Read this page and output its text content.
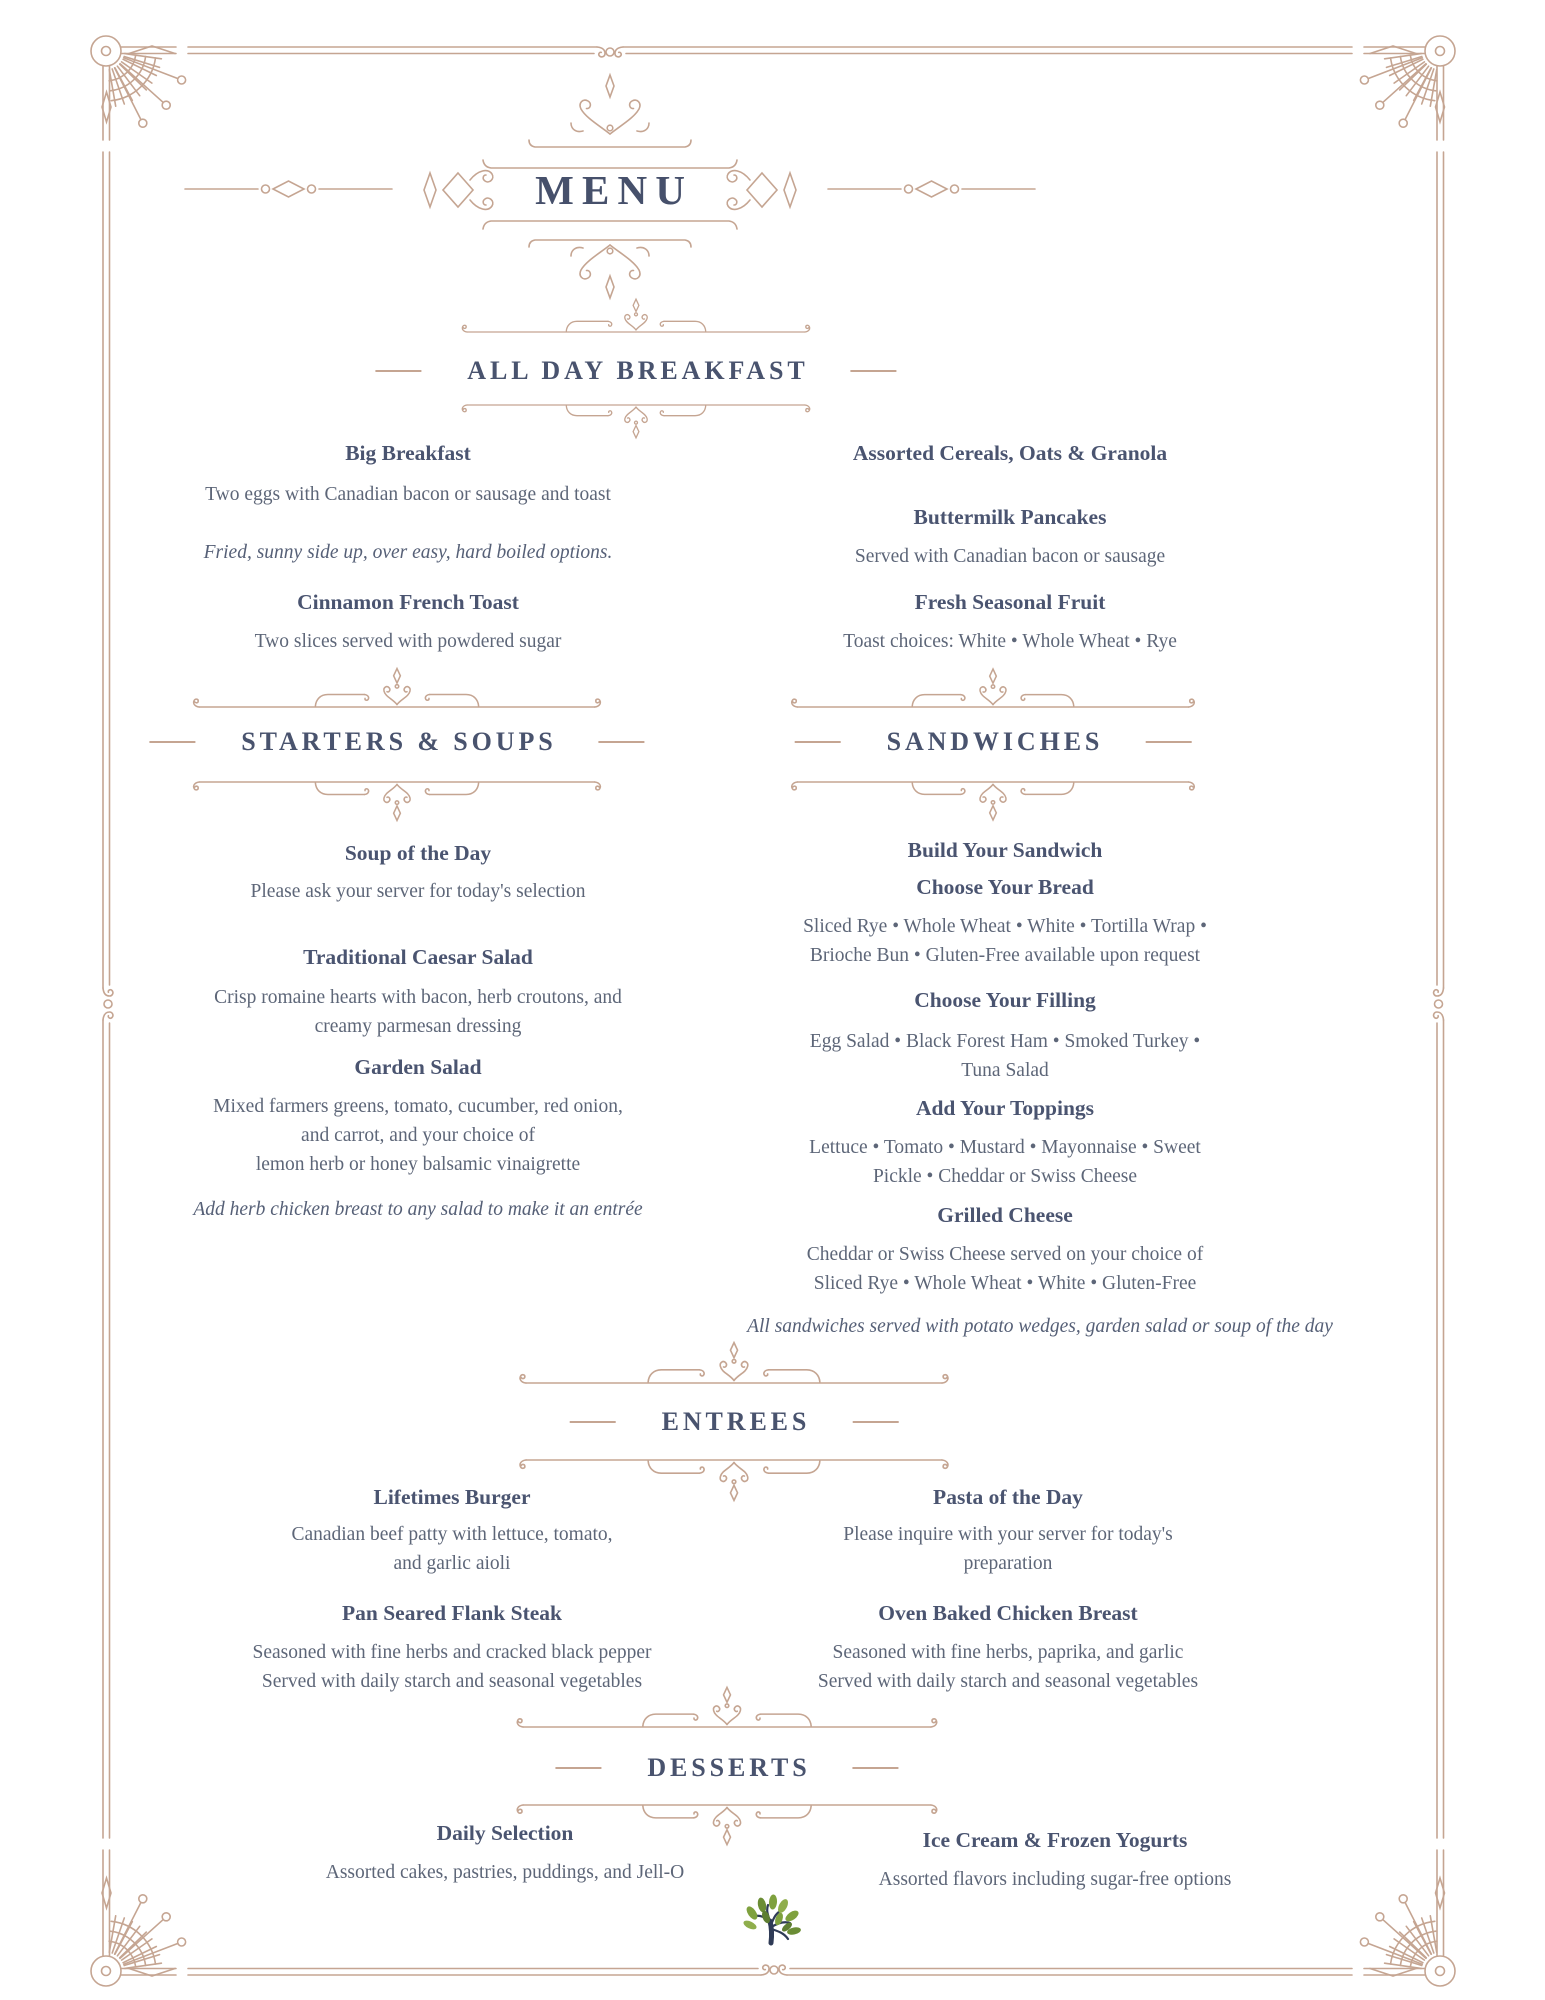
MENU
ALL DAY BREAKFAST
STARTERS & SOUPS	SANDWICHES
ENTREES
DESSERTS
Big Breakfast
Two eggs with Canadian bacon or sausage and toast
Fried, sunny side up, over easy, hard boiled options.
Cinnamon French Toast
Two slices served with powdered sugar
Assorted Cereals, Oats & Granola
Buttermilk Pancakes
Served with Canadian bacon or sausage
Fresh Seasonal Fruit
Toast choices: White • Whole Wheat • Rye
Soup of the Day
Please ask your server for today's selection
Traditional Caesar Salad
Crisp romaine hearts with bacon, herb croutons, and
creamy parmesan dressing
Garden Salad
Mixed farmers greens, tomato, cucumber, red onion,
and carrot, and your choice of
lemon herb or honey balsamic vinaigrette
Add herb chicken breast to any salad to make it an entrée
Build Your Sandwich
Choose Your Bread
Sliced Rye • Whole Wheat • White • Tortilla Wrap •
Brioche Bun • Gluten-Free available upon request
Choose Your Filling
Egg Salad • Black Forest Ham • Smoked Turkey •
Tuna Salad
Add Your Toppings
Lettuce • Tomato • Mustard • Mayonnaise • Sweet
Pickle • Cheddar or Swiss Cheese
Grilled Cheese
Cheddar or Swiss Cheese served on your choice of
Sliced Rye • Whole Wheat • White • Gluten-Free
All sandwiches served with potato wedges, garden salad or soup of the day
Lifetimes Burger
Canadian beef patty with lettuce, tomato,
and garlic aioli
Pan Seared Flank Steak
Seasoned with fine herbs and cracked black pepper
Served with daily starch and seasonal vegetables
Pasta of the Day
Please inquire with your server for today's
preparation
Oven Baked Chicken Breast
Seasoned with fine herbs, paprika, and garlic
Served with daily starch and seasonal vegetables
Daily Selection
Assorted cakes, pastries, puddings, and Jell-O
Ice Cream & Frozen Yogurts
Assorted flavors including sugar-free options
